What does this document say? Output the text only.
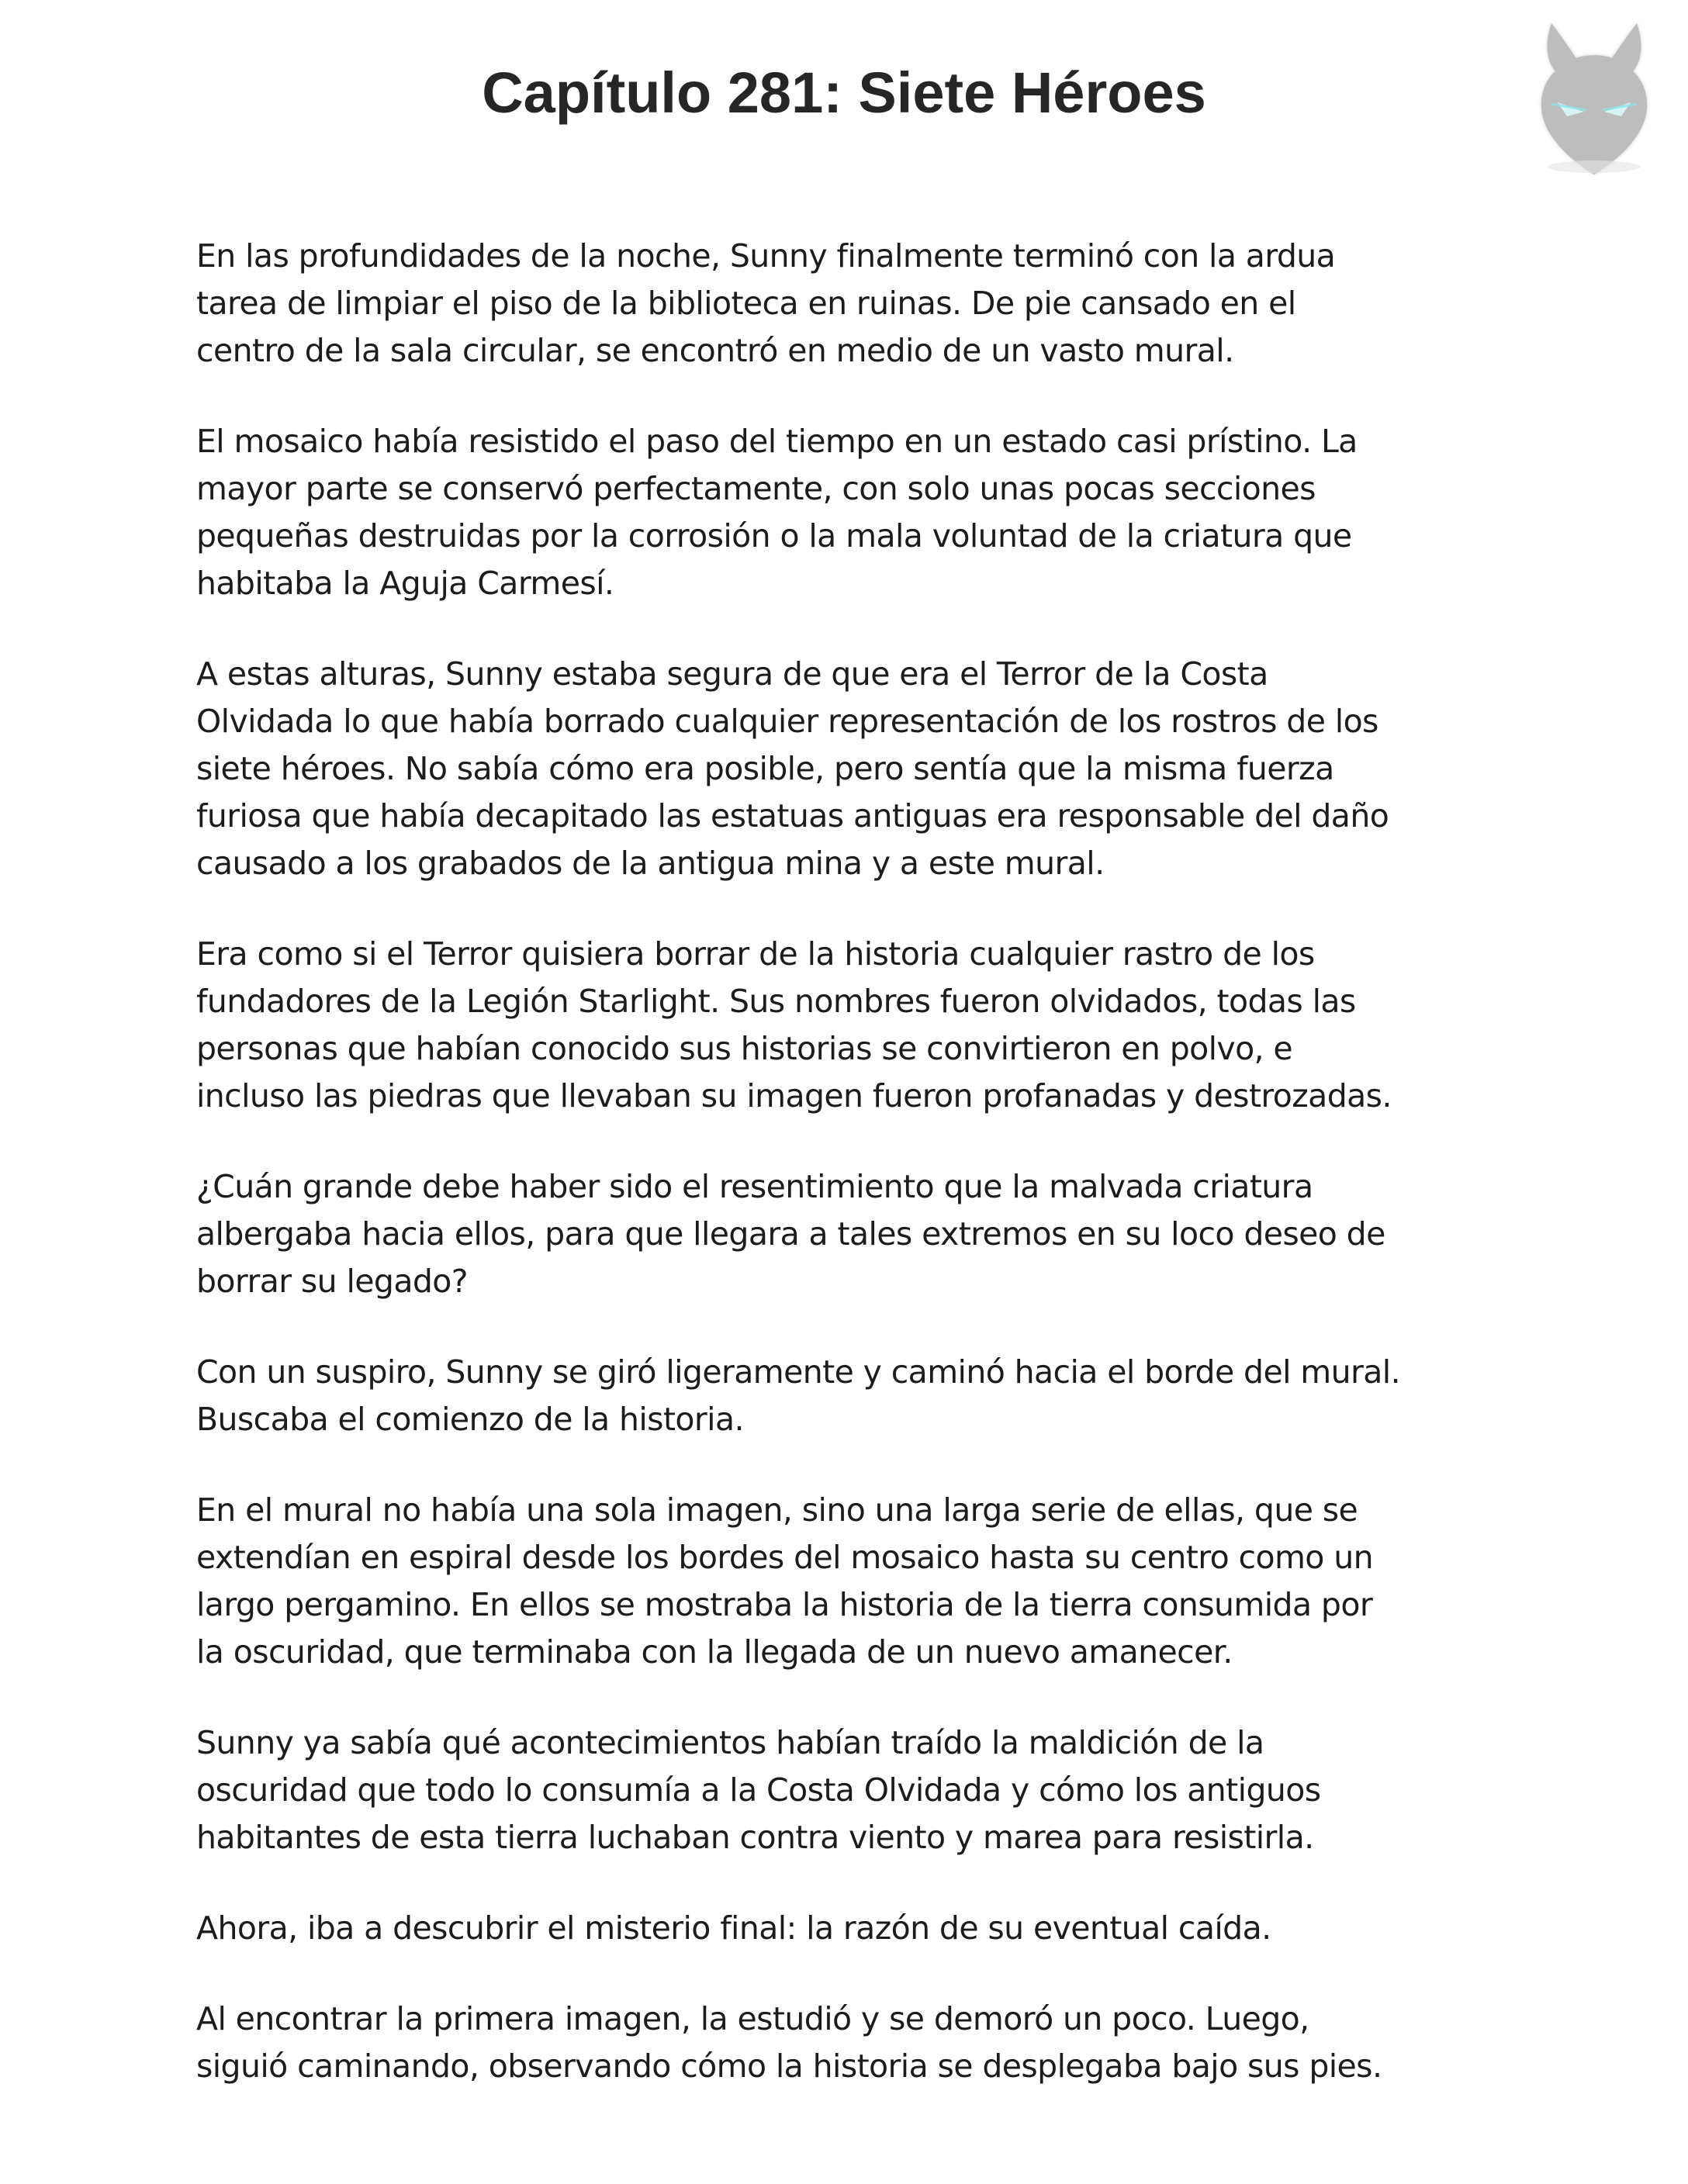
Capítulo 281: Siete Héroes

En las profundidades de la noche, Sunny finalmente terminó con la ardua
tarea de limpiar el piso de la biblioteca en ruinas. De pie cansado en el
centro de la sala circular, se encontró en medio de un vasto mural.

El mosaico había resistido el paso del tiempo en un estado casi prístino. La
mayor parte se conservó perfectamente, con solo unas pocas secciones
pequeñas destruidas por la corrosión o la mala voluntad de la criatura que
habitaba la Aguja Carmesí.

A estas alturas, Sunny estaba segura de que era el Terror de la Costa
Olvidada lo que había borrado cualquier representación de los rostros de los
siete héroes. No sabía cómo era posible, pero sentía que la misma fuerza
furiosa que había decapitado las estatuas antiguas era responsable del daño
causado a los grabados de la antigua mina y a este mural.

Era como si el Terror quisiera borrar de la historia cualquier rastro de los
fundadores de la Legión Starlight. Sus nombres fueron olvidados, todas las
personas que habían conocido sus historias se convirtieron en polvo, e
incluso las piedras que llevaban su imagen fueron profanadas y destrozadas.

¿Cuán grande debe haber sido el resentimiento que la malvada criatura
albergaba hacia ellos, para que llegara a tales extremos en su loco deseo de
borrar su legado?

Con un suspiro, Sunny se giró ligeramente y caminó hacia el borde del mural.
Buscaba el comienzo de la historia.

En el mural no había una sola imagen, sino una larga serie de ellas, que se
extendían en espiral desde los bordes del mosaico hasta su centro como un
largo pergamino. En ellos se mostraba la historia de la tierra consumida por
la oscuridad, que terminaba con la llegada de un nuevo amanecer.

Sunny ya sabía qué acontecimientos habían traído la maldición de la
oscuridad que todo lo consumía a la Costa Olvidada y cómo los antiguos
habitantes de esta tierra luchaban contra viento y marea para resistirla.

Ahora, iba a descubrir el misterio final: la razón de su eventual caída.

Al encontrar la primera imagen, la estudió y se demoró un poco. Luego,
siguió caminando, observando cómo la historia se desplegaba bajo sus pies.
